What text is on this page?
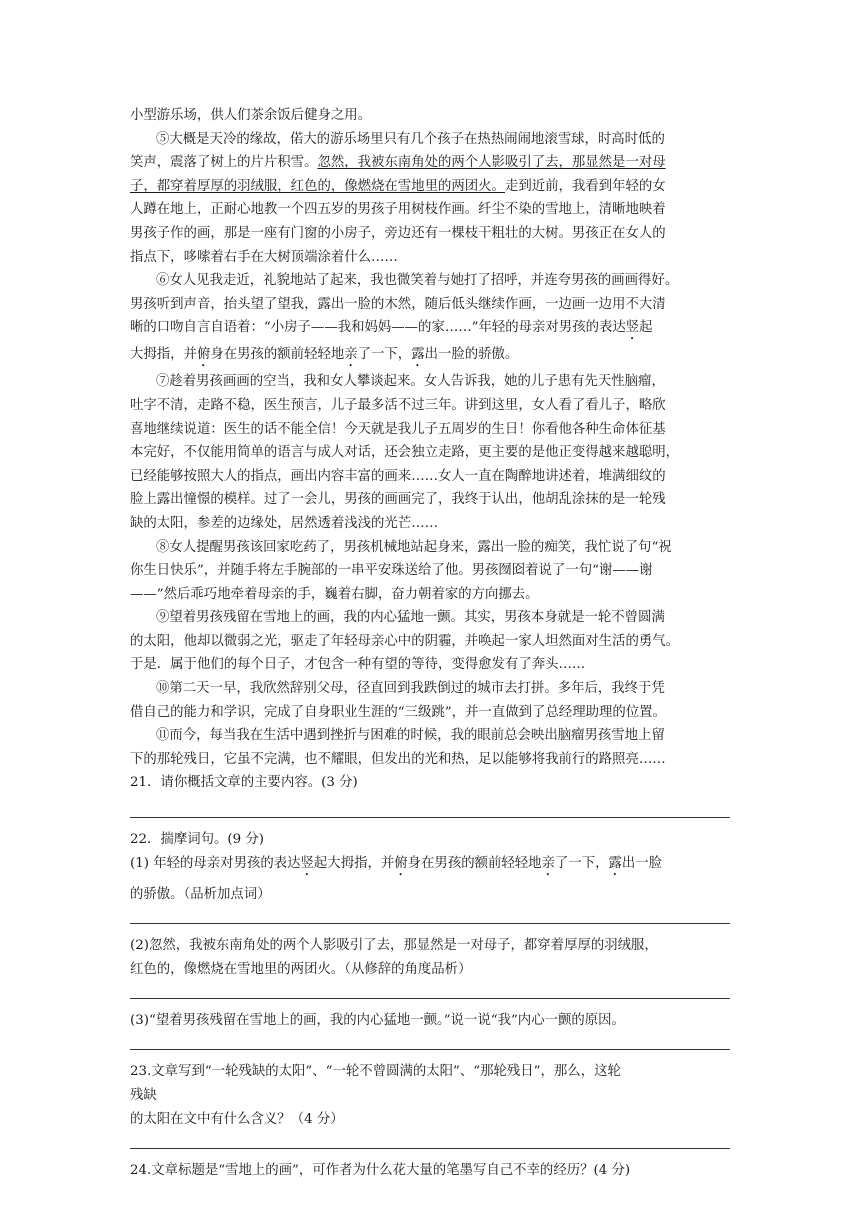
小型游乐场，供人们茶余饭后健身之用。

⑤大概是天冷的缘故，偌大的游乐场里只有几个孩子在热热闹闹地滚雪球，时高时低的

笑声，震落了树上的片片积雪。忽然，我被东南角处的两个人影吸引了去，那显然是一对母

子，都穿着厚厚的羽绒服，红色的，像燃烧在雪地里的两团火。走到近前，我看到年轻的女

人蹲在地上，正耐心地教一个四五岁的男孩子用树枝作画。纤尘不染的雪地上，清晰地映着

男孩子作的画，那是一座有门窗的小房子，旁边还有一棵枝干粗壮的大树。男孩正在女人的

指点下，哆嗦着右手在大树顶端涂着什么……

⑥女人见我走近，礼貌地站了起来，我也微笑着与她打了招呼，并连夸男孩的画画得好。

男孩听到声音，抬头望了望我，露出一脸的木然，随后低头继续作画，一边画一边用不大清

晰的口吻自言自语着：“小房子——我和妈妈——的家……”年轻的母亲对男孩的表达竖起

大拇指，并俯身在男孩的额前轻轻地亲了一下，露出一脸的骄傲。

⑦趁着男孩画画的空当，我和女人攀谈起来。女人告诉我，她的儿子患有先天性脑瘤，

吐字不清，走路不稳，医生预言，儿子最多活不过三年。讲到这里，女人看了看儿子，略欣

喜地继续说道：医生的话不能全信！今天就是我儿子五周岁的生日！你看他各种生命体征基

本完好，不仅能用简单的语言与成人对话，还会独立走路，更主要的是他正变得越来越聪明，

已经能够按照大人的指点，画出内容丰富的画来……女人一直在陶醉地讲述着，堆满细纹的

脸上露出憧憬的模样。过了一会儿，男孩的画画完了，我终于认出，他胡乱涂抹的是一轮残

缺的太阳，参差的边缘处，居然透着浅浅的光芒……

⑧女人提醒男孩该回家吃药了，男孩机械地站起身来，露出一脸的痴笑，我忙说了句“祝

你生日快乐”，并随手将左手腕部的一串平安珠送给了他。男孩囫囵着说了一句“谢——谢

——”然后乖巧地牵着母亲的手，巍着右脚，奋力朝着家的方向挪去。

⑨望着男孩残留在雪地上的画，我的内心猛地一颤。其实，男孩本身就是一轮不曾圆满

的太阳，他却以微弱之光，驱走了年轻母亲心中的阴霾，并唤起一家人坦然面对生活的勇气。

于是．属于他们的每个日子，才包含一种有望的等待，变得愈发有了奔头……

⑩第二天一早，我欣然辞别父母，径直回到我跌倒过的城市去打拼。多年后，我终于凭

借自己的能力和学识，完成了自身职业生涯的“三级跳”，并一直做到了总经理助理的位置。

⑪而今，每当我在生活中遇到挫折与困难的时候，我的眼前总会映出脑瘤男孩雪地上留

下的那轮残日，它虽不完满，也不耀眼，但发出的光和热，足以能够将我前行的路照亮……

21．请你概括文章的主要内容。(3 分)

22．揣摩词句。(9 分)

(1) 年轻的母亲对男孩的表达竖起大拇指，并俯身在男孩的额前轻轻地亲了一下，露出一脸

的骄傲。（品析加点词）

(2)忽然，我被东南角处的两个人影吸引了去，那显然是一对母子，都穿着厚厚的羽绒服，

红色的，像燃烧在雪地里的两团火。（从修辞的角度品析）

(3)“望着男孩残留在雪地上的画，我的内心猛地一颤。”说一说“我”内心一颤的原因。

23.文章写到“一轮残缺的太阳”、“一轮不曾圆满的太阳”、“那轮残日”，那么，这轮

残缺

的太阳在文中有什么含义？（4 分）

24.文章标题是“雪地上的画”，可作者为什么花大量的笔墨写自己不幸的经历？(4 分)
